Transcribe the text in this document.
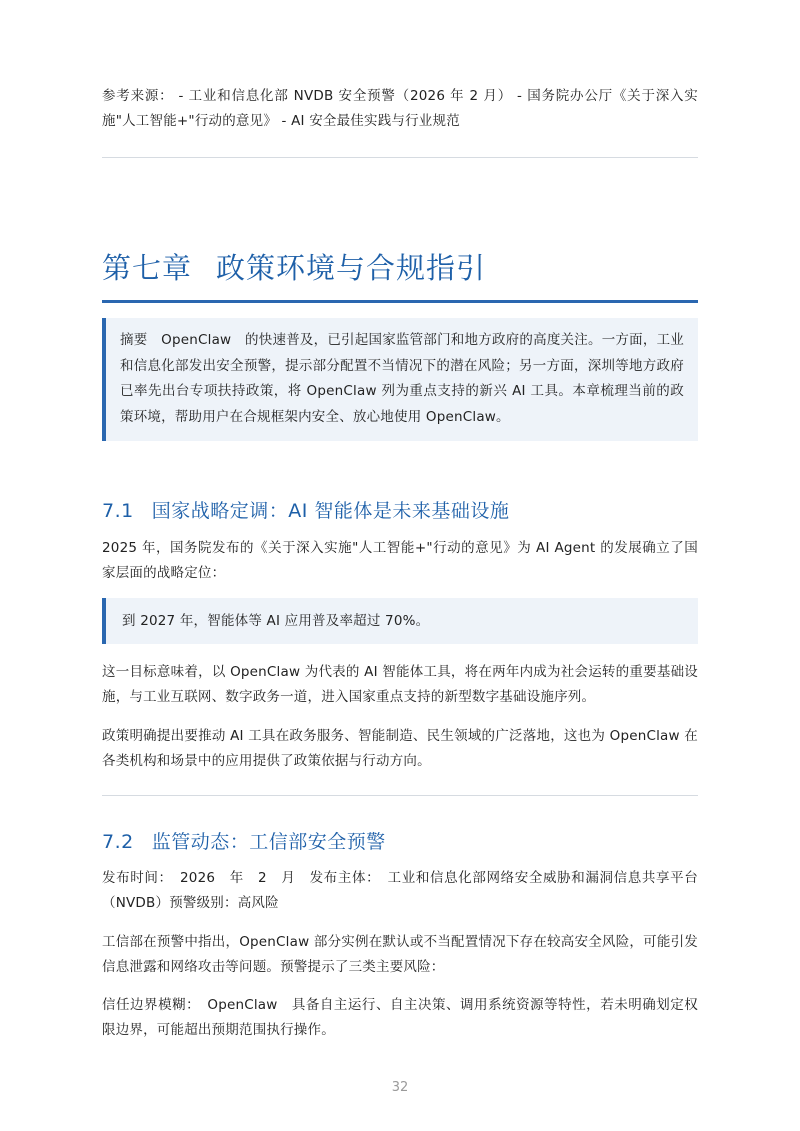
参考来源： - 工业和信息化部 NVDB 安全预警（2026 年 2 月） - 国务院办公厅《关于深入实施"人工智能+"行动的意见》 - AI 安全最佳实践与行业规范

第七章 政策环境与合规指引

摘要　OpenClaw　的快速普及，已引起国家监管部门和地方政府的高度关注。一方面，工业和信息化部发出安全预警，提示部分配置不当情况下的潜在风险；另一方面，深圳等地方政府已率先出台专项扶持政策，将 OpenClaw 列为重点支持的新兴 AI 工具。本章梳理当前的政策环境，帮助用户在合规框架内安全、放心地使用 OpenClaw。

7.1 国家战略定调：AI 智能体是未来基础设施

2025 年，国务院发布的《关于深入实施"人工智能+"行动的意见》为 AI Agent 的发展确立了国家层面的战略定位：

到 2027 年，智能体等 AI 应用普及率超过 70%。

这一目标意味着，以 OpenClaw 为代表的 AI 智能体工具，将在两年内成为社会运转的重要基础设施，与工业互联网、数字政务一道，进入国家重点支持的新型数字基础设施序列。

政策明确提出要推动 AI 工具在政务服务、智能制造、民生领域的广泛落地，这也为 OpenClaw 在各类机构和场景中的应用提供了政策依据与行动方向。

7.2 监管动态：工信部安全预警

发布时间：　2026　年　2　月　发布主体：　工业和信息化部网络安全威胁和漏洞信息共享平台（NVDB）预警级别：高风险

工信部在预警中指出，OpenClaw 部分实例在默认或不当配置情况下存在较高安全风险，可能引发信息泄露和网络攻击等问题。预警提示了三类主要风险：

信任边界模糊：　OpenClaw　具备自主运行、自主决策、调用系统资源等特性，若未明确划定权限边界，可能超出预期范围执行操作。

32
